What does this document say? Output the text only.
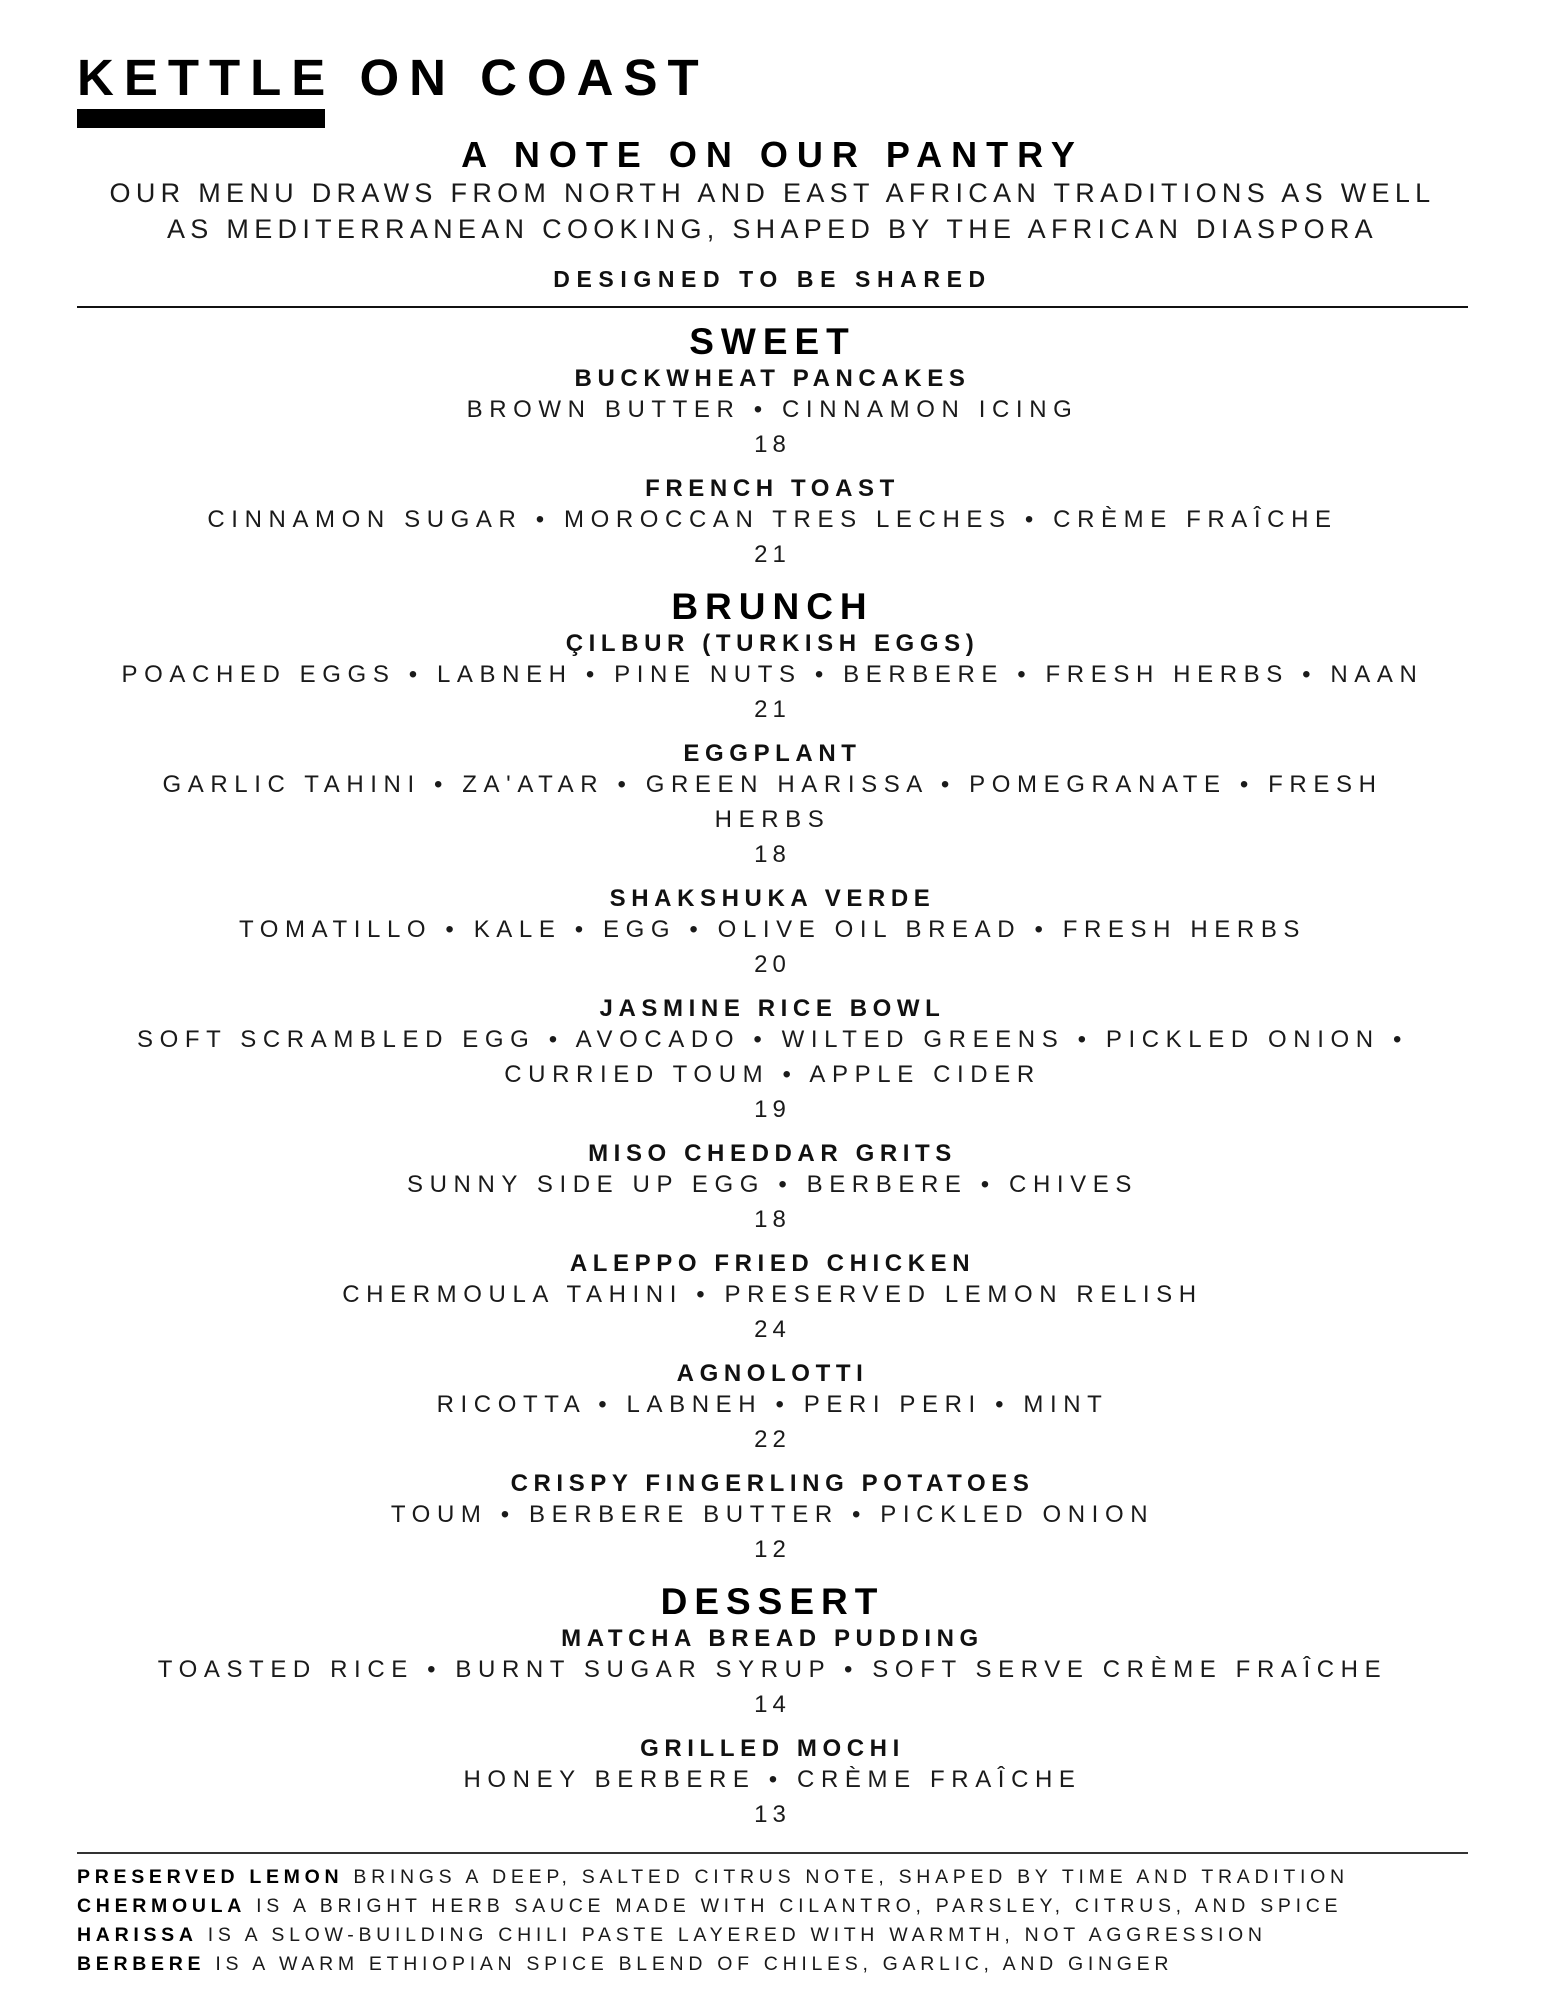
KETTLE ON COAST
A NOTE ON OUR PANTRY
OUR MENU DRAWS FROM NORTH AND EAST AFRICAN TRADITIONS AS WELL
AS MEDITERRANEAN COOKING, SHAPED BY THE AFRICAN DIASPORA
DESIGNED TO BE SHARED
SWEET
BUCKWHEAT PANCAKES
BROWN BUTTER • CINNAMON ICING
18
FRENCH TOAST
CINNAMON SUGAR • MOROCCAN TRES LECHES • CRÈME FRAÎCHE
21
BRUNCH
ÇILBUR (TURKISH EGGS)
POACHED EGGS • LABNEH • PINE NUTS • BERBERE • FRESH HERBS • NAAN
21
EGGPLANT
GARLIC TAHINI • ZA'ATAR • GREEN HARISSA • POMEGRANATE • FRESH
HERBS
18
SHAKSHUKA VERDE
TOMATILLO • KALE • EGG • OLIVE OIL BREAD • FRESH HERBS
20
JASMINE RICE BOWL
SOFT SCRAMBLED EGG • AVOCADO • WILTED GREENS • PICKLED ONION •
CURRIED TOUM • APPLE CIDER
19
MISO CHEDDAR GRITS
SUNNY SIDE UP EGG • BERBERE • CHIVES
18
ALEPPO FRIED CHICKEN
CHERMOULA TAHINI • PRESERVED LEMON RELISH
24
AGNOLOTTI
RICOTTA • LABNEH • PERI PERI • MINT
22
CRISPY FINGERLING POTATOES
TOUM • BERBERE BUTTER • PICKLED ONION
12
DESSERT
MATCHA BREAD PUDDING
TOASTED RICE • BURNT SUGAR SYRUP • SOFT SERVE CRÈME FRAÎCHE
14
GRILLED MOCHI
HONEY BERBERE • CRÈME FRAÎCHE
13
PRESERVED LEMON BRINGS A DEEP, SALTED CITRUS NOTE, SHAPED BY TIME AND TRADITION
CHERMOULA IS A BRIGHT HERB SAUCE MADE WITH CILANTRO, PARSLEY, CITRUS, AND SPICE
HARISSA IS A SLOW-BUILDING CHILI PASTE LAYERED WITH WARMTH, NOT AGGRESSION
BERBERE IS A WARM ETHIOPIAN SPICE BLEND OF CHILES, GARLIC, AND GINGER
